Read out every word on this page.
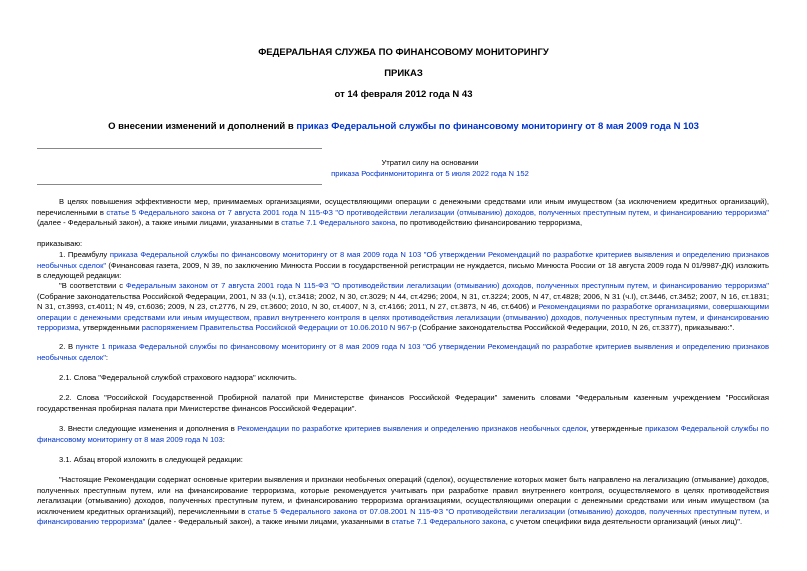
ФЕДЕРАЛЬНАЯ СЛУЖБА ПО ФИНАНСОВОМУ МОНИТОРИНГУ
ПРИКАЗ
от 14 февраля 2012 года N 43
О внесении изменений и дополнений в приказ Федеральной службы по финансовому мониторингу от 8 мая 2009 года N 103
Утратил силу на основании
приказа Росфинмониторинга от 5 июля 2022 года N 152
В целях повышения эффективности мер, принимаемых организациями, осуществляющими операции с денежными средствами или иным имуществом (за исключением кредитных организаций), перечисленными в статье 5 Федерального закона от 7 августа 2001 года N 115-ФЗ "О противодействии легализации (отмыванию) доходов, полученных преступным путем, и финансированию терроризма" (далее - Федеральный закон), а также иными лицами, указанными в статье 7.1 Федерального закона, по противодействию финансированию терроризма,
приказываю:
1. Преамбулу приказа Федеральной службы по финансовому мониторингу от 8 мая 2009 года N 103 "Об утверждении Рекомендаций по разработке критериев выявления и определению признаков необычных сделок" (Финансовая газета, 2009, N 39, по заключению Минюста России в государственной регистрации не нуждается, письмо Минюста России от 18 августа 2009 года N 01/9987-ДК) изложить в следующей редакции:
"В соответствии с Федеральным законом от 7 августа 2001 года N 115-ФЗ "О противодействии легализации (отмыванию) доходов, полученных преступным путем, и финансированию терроризма" (Собрание законодательства Российской Федерации, 2001, N 33 (ч.1), ст.3418; 2002, N 30, ст.3029; N 44, ст.4296; 2004, N 31, ст.3224; 2005, N 47, ст.4828; 2006, N 31 (ч.I), ст.3446, ст.3452; 2007, N 16, ст.1831; N 31, ст.3993, ст.4011; N 49, ст.6036; 2009, N 23, ст.2776, N 29, ст.3600; 2010, N 30, ст.4007, N 3, ст.4166; 2011, N 27, ст.3873, N 46, ст.6406) и Рекомендациями по разработке организациями, совершающими операции с денежными средствами или иным имуществом, правил внутреннего контроля в целях противодействия легализации (отмыванию) доходов, полученных преступным путем, и финансированию терроризма, утвержденными распоряжением Правительства Российской Федерации от 10.06.2010 N 967-р (Собрание законодательства Российской Федерации, 2010, N 26, ст.3377), приказываю:".
2. В пункте 1 приказа Федеральной службы по финансовому мониторингу от 8 мая 2009 года N 103 "Об утверждении Рекомендаций по разработке критериев выявления и определению признаков необычных сделок":
2.1. Слова "Федеральной службой страхового надзора" исключить.
2.2. Слова "Российской Государственной Пробирной палатой при Министерстве финансов Российской Федерации" заменить словами "Федеральным казенным учреждением "Российская государственная пробирная палата при Министерстве финансов Российской Федерации".
3. Внести следующие изменения и дополнения в Рекомендации по разработке критериев выявления и определению признаков необычных сделок, утвержденные приказом Федеральной службы по финансовому мониторингу от 8 мая 2009 года N 103:
3.1. Абзац второй изложить в следующей редакции:
"Настоящие Рекомендации содержат основные критерии выявления и признаки необычных операций (сделок), осуществление которых может быть направлено на легализацию (отмывание) доходов, полученных преступным путем, или на финансирование терроризма, которые рекомендуется учитывать при разработке правил внутреннего контроля, осуществляемого в целях противодействия легализации (отмыванию) доходов, полученных преступным путем, и финансированию терроризма организациями, осуществляющими операции с денежными средствами или иным имуществом (за исключением кредитных организаций), перечисленными в статье 5 Федерального закона от 07.08.2001 N 115-ФЗ "О противодействии легализации (отмыванию) доходов, полученных преступным путем, и финансированию терроризма" (далее - Федеральный закон), а также иными лицами, указанными в статье 7.1 Федерального закона, с учетом специфики вида деятельности организаций (иных лиц)".
